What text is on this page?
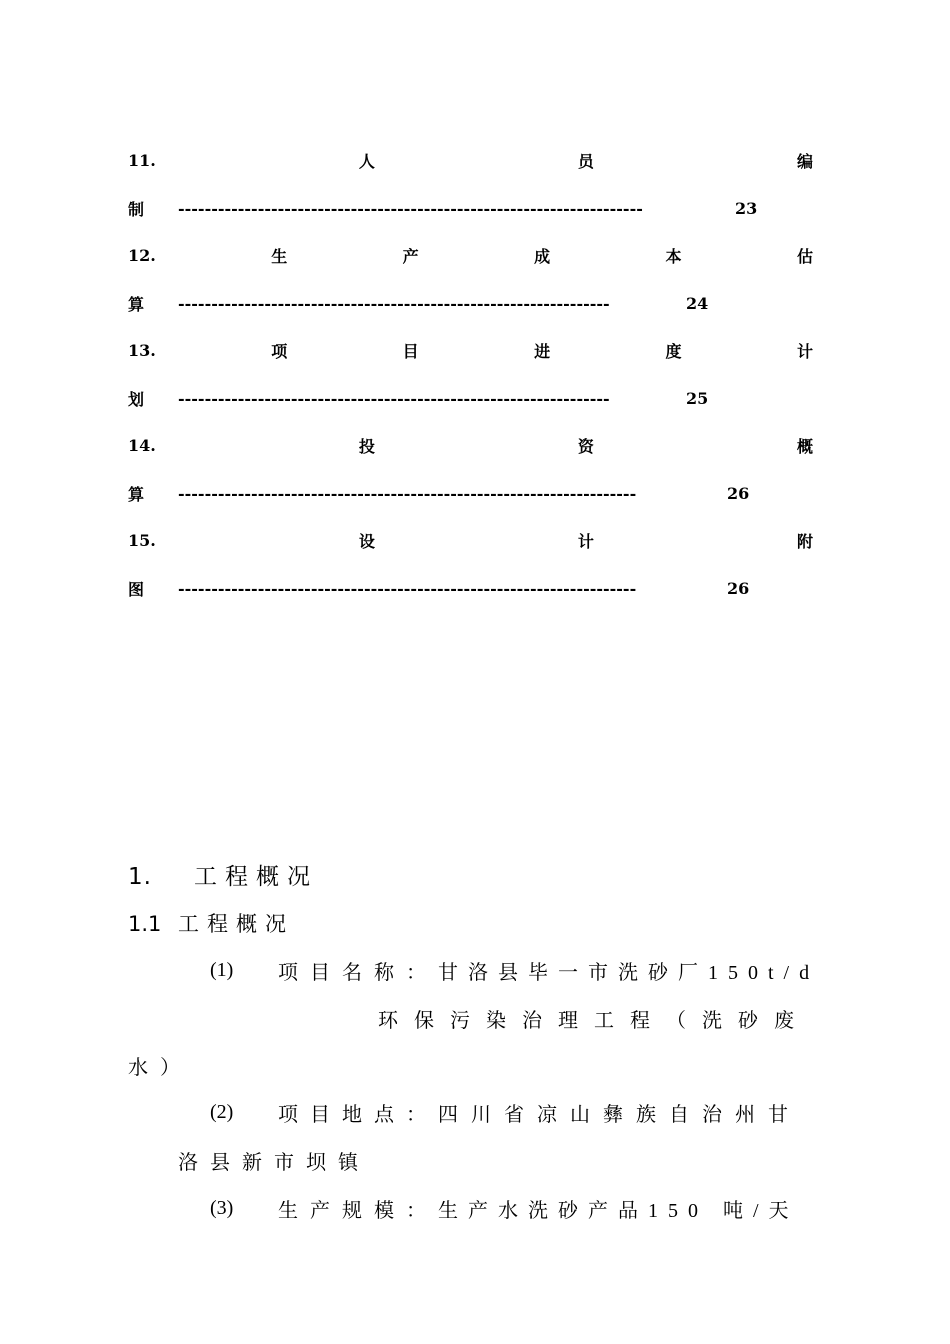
11.	人	员	编
制	----------------------------------------------------------------------	23
12.	生	产	成	本	估
算	-----------------------------------------------------------------	24
13.	项	目	进	度	计
划	-----------------------------------------------------------------	25
14.	投	资	概
算	---------------------------------------------------------------------	26
15.	设	计	附
图	---------------------------------------------------------------------	26
1. 工程概况
1.1 工程概况
(1)	项目名称： 甘洛县毕一市洗砂厂150t/d
环保污染治理工程（洗砂废
水）
(2)	项目地点： 四川省凉山彝族自治州甘
洛县新市坝镇
(3)	生产规模： 生产水洗砂产品150 吨/天
